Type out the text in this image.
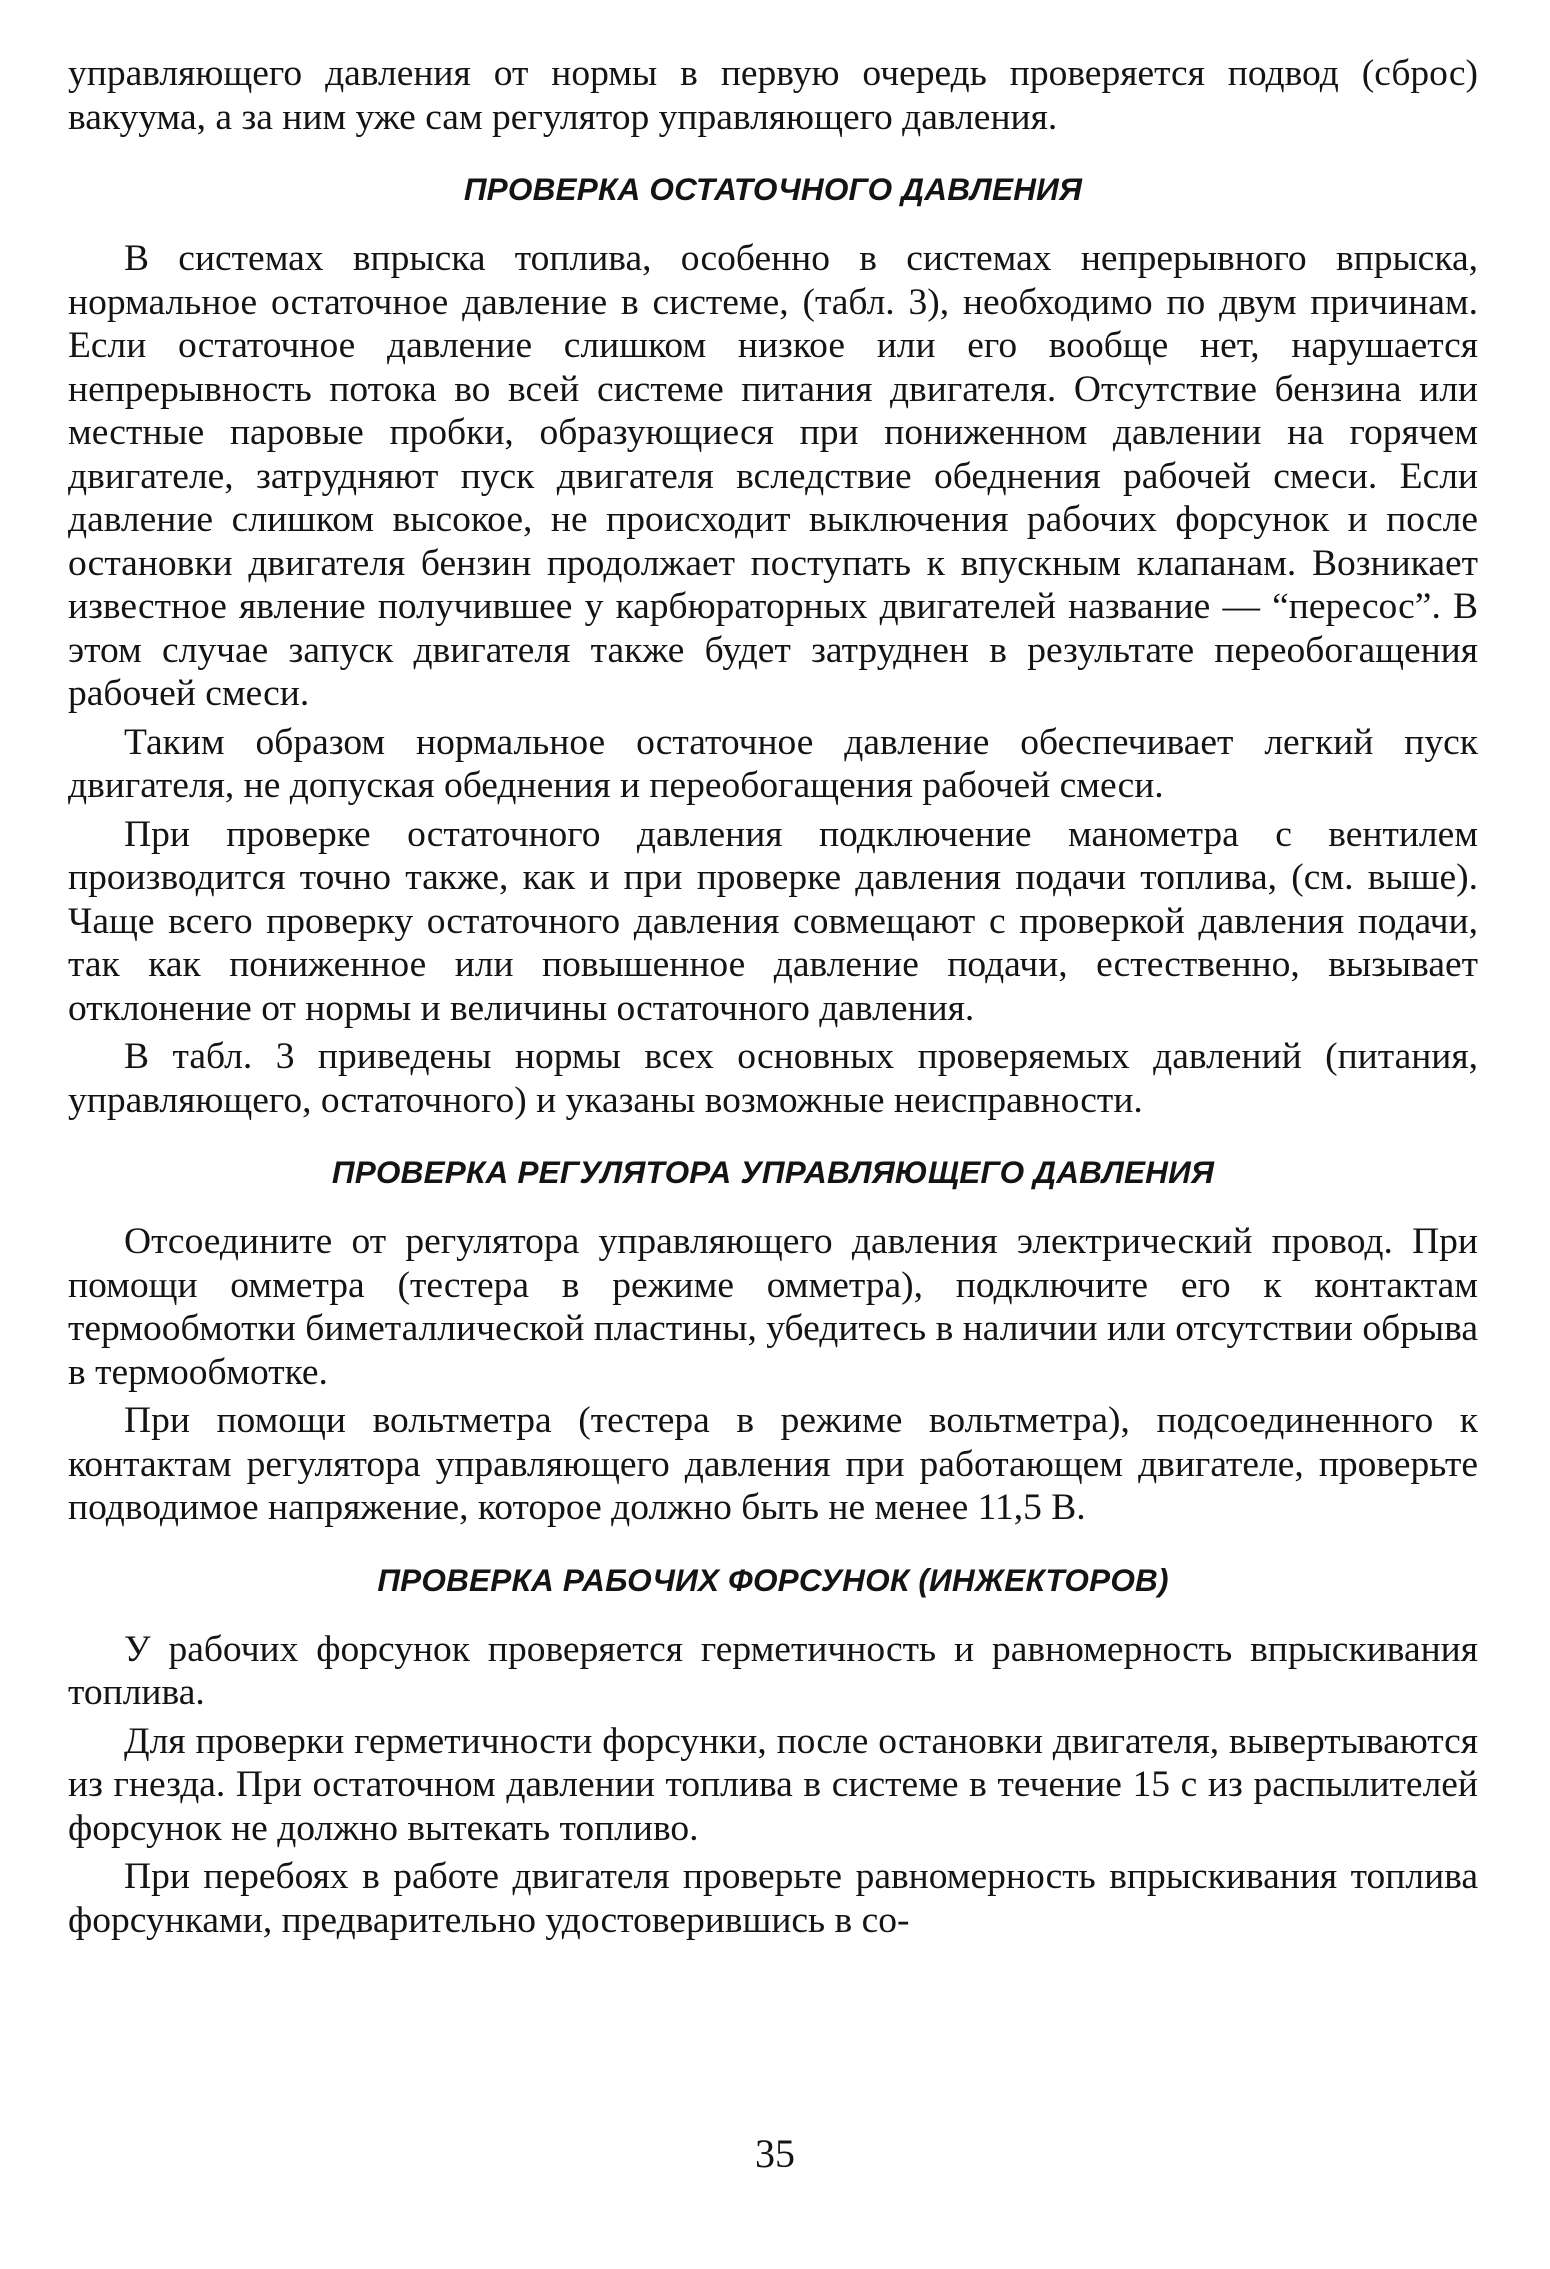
управляющего давления от нормы в первую очередь проверяется подвод (сброс) вакуума, а за ним уже сам регулятор управляющего давления.

ПРОВЕРКА ОСТАТОЧНОГО ДАВЛЕНИЯ

В системах впрыска топлива, особенно в системах непрерывного впрыска, нормальное остаточное давление в системе, (табл. 3), необходимо по двум причинам. Если остаточное давление слишком низкое или его вообще нет, нарушается непрерывность потока во всей системе питания двигателя. Отсутствие бензина или местные паровые пробки, образующиеся при пониженном давлении на горячем двигателе, затрудняют пуск двигателя вследствие обеднения рабочей смеси. Если давление слишком высокое, не происходит выключения рабочих форсунок и после остановки двигателя бензин продолжает поступать к впускным клапанам. Возникает известное явление получившее у карбюраторных двигателей название — “пересос”. В этом случае запуск двигателя также будет затруднен в результате переобогащения рабочей смеси.

Таким образом нормальное остаточное давление обеспечивает легкий пуск двигателя, не допуская обеднения и переобогащения рабочей смеси.

При проверке остаточного давления подключение манометра с вентилем производится точно также, как и при проверке давления подачи топлива, (см. выше). Чаще всего проверку остаточного давления совмещают с проверкой давления подачи, так как пониженное или повышенное давление подачи, естественно, вызывает отклонение от нормы и величины остаточного давления.

В табл. 3 приведены нормы всех основных проверяемых давлений (питания, управляющего, остаточного) и указаны возможные неисправности.

ПРОВЕРКА РЕГУЛЯТОРА УПРАВЛЯЮЩЕГО ДАВЛЕНИЯ

Отсоедините от регулятора управляющего давления электрический провод. При помощи омметра (тестера в режиме омметра), подключите его к контактам термообмотки биметаллической пластины, убедитесь в наличии или отсутствии обрыва в термообмотке.

При помощи вольтметра (тестера в режиме вольтметра), подсоединенного к контактам регулятора управляющего давления при работающем двигателе, проверьте подводимое напряжение, которое должно быть не менее 11,5 В.

ПРОВЕРКА РАБОЧИХ ФОРСУНОК (ИНЖЕКТОРОВ)

У рабочих форсунок проверяется герметичность и равномерность впрыскивания топлива.

Для проверки герметичности форсунки, после остановки двигателя, вывертываются из гнезда. При остаточном давлении топлива в системе в течение 15 с из распылителей форсунок не должно вытекать топливо.

При перебоях в работе двигателя проверьте равномерность впрыскивания топлива форсунками, предварительно удостоверившись в со-

35
